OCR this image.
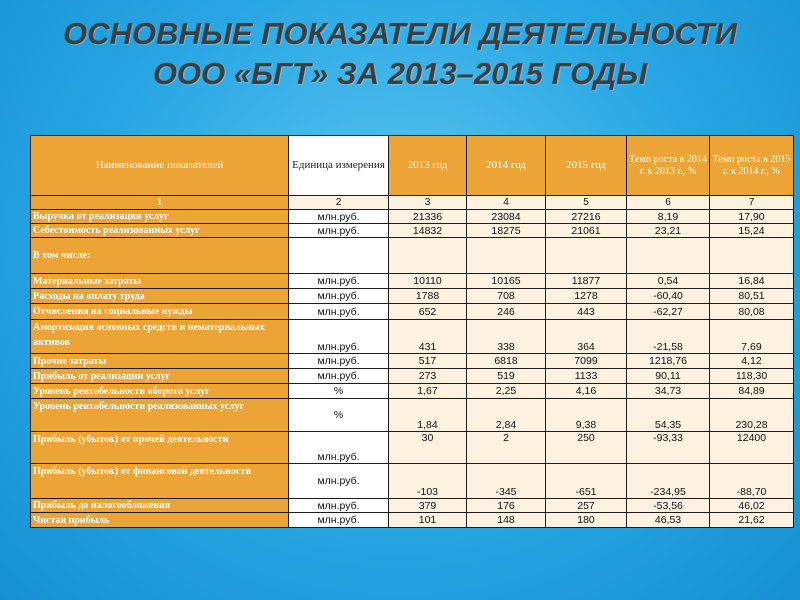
ОСНОВНЫЕ ПОКАЗАТЕЛИ ДЕЯТЕЛЬНОСТИ
ООО «БГТ» ЗА 2013–2015 ГОДЫ
Наименование показателей	Единица измерения	2013 год	2014 год	2015 год	Темп роста в 2014 г. к 2013 г., %	Темп роста в 2015 г. к 2014 г., %
1	2	3	4	5	6	7
Выручка от реализации услуг	млн.руб.	21336	23084	27216	8,19	17,90
Себестоимость реализованных услуг	млн.руб.	14832	18275	21061	23,21	15,24
В том числе:						
Материальные затраты	млн.руб.	10110	10165	11877	0,54	16,84
Расходы на оплату труда	млн.руб.	1788	708	1278	-60,40	80,51
Отчисления на социальные нужды	млн.руб.	652	246	443	-62,27	80,08
Амортизация основных средств и нематериальных активов	млн.руб.	431	338	364	-21,58	7,69
Прочие затраты	млн.руб.	517	6818	7099	1218,76	4,12
Прибыль от реализации услуг	млн.руб.	273	519	1133	90,11	118,30
Уровень рентабельности оборота услуг	%	1,67	2,25	4,16	34,73	84,89
Уровень рентабельности реализованных услуг	%	1,84	2,84	9,38	54,35	230,28
Прибыль (убыток) от прочей деятельности	млн.руб.	30	2	250	-93,33	12400
Прибыль (убыток) от финансовой деятельности	млн.руб.	-103	-345	-651	-234,95	-88,70
Прибыль до налогообложения	млн.руб.	379	176	257	-53,56	46,02
Чистая прибыль	млн.руб.	101	148	180	46,53	21,62
